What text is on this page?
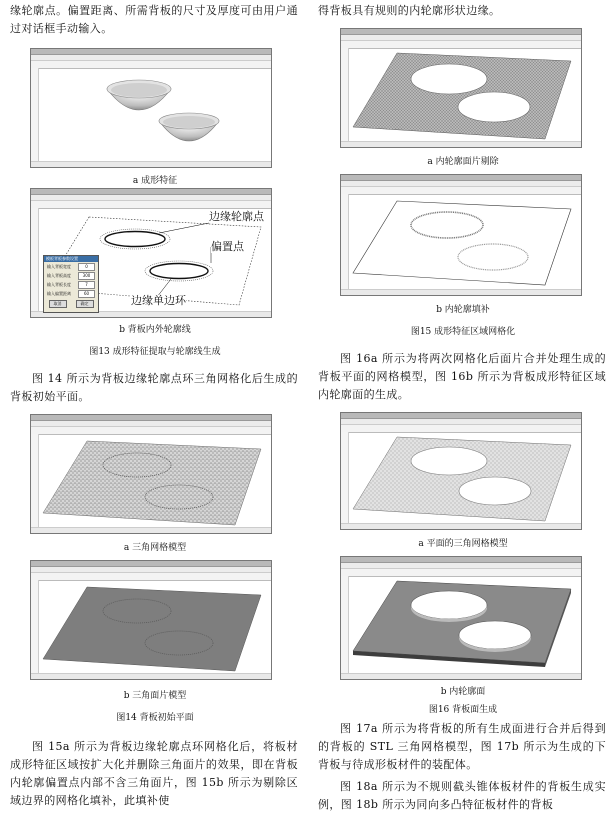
缘轮廓点。偏置距离、所需背板的尺寸及厚度可由用户通过对话框手动输入。
a 成形特征
模板背板参数设置
输入背板宽度	0
输入背板高度	300
输入背板长度	7
输入偏置距离	60
取消	确定
边缘轮廓点
偏置点
边缘单边环
b 背板内外轮廓线
图13 成形特征提取与轮廓线生成
图 14 所示为背板边缘轮廓点环三角网格化后生成的背板初始平面。
a 三角网格模型
b 三角面片模型
图14 背板初始平面
图 15a 所示为背板边缘轮廓点环网格化后，将板材成形特征区域按扩大化并删除三角面片的效果，即在背板内轮廓偏置点内部不含三角面片，图 15b 所示为剔除区域边界的网格化填补，此填补使
得背板具有规则的内轮廓形状边缘。
a 内轮廓面片剔除
b 内轮廓填补
图15 成形特征区域网格化
图 16a 所示为将两次网格化后面片合并处理生成的背板平面的网格模型，图 16b 所示为背板成形特征区域内轮廓面的生成。
a 平面的三角网格模型
b 内轮廓面
图16 背板面生成
图 17a 所示为将背板的所有生成面进行合并后得到的背板的 STL 三角网格模型，图 17b 所示为生成的下背板与待成形板材件的装配体。
图 18a 所示为不规则截头锥体板材件的背板生成实例，图 18b 所示为同向多凸特征板材件的背板
